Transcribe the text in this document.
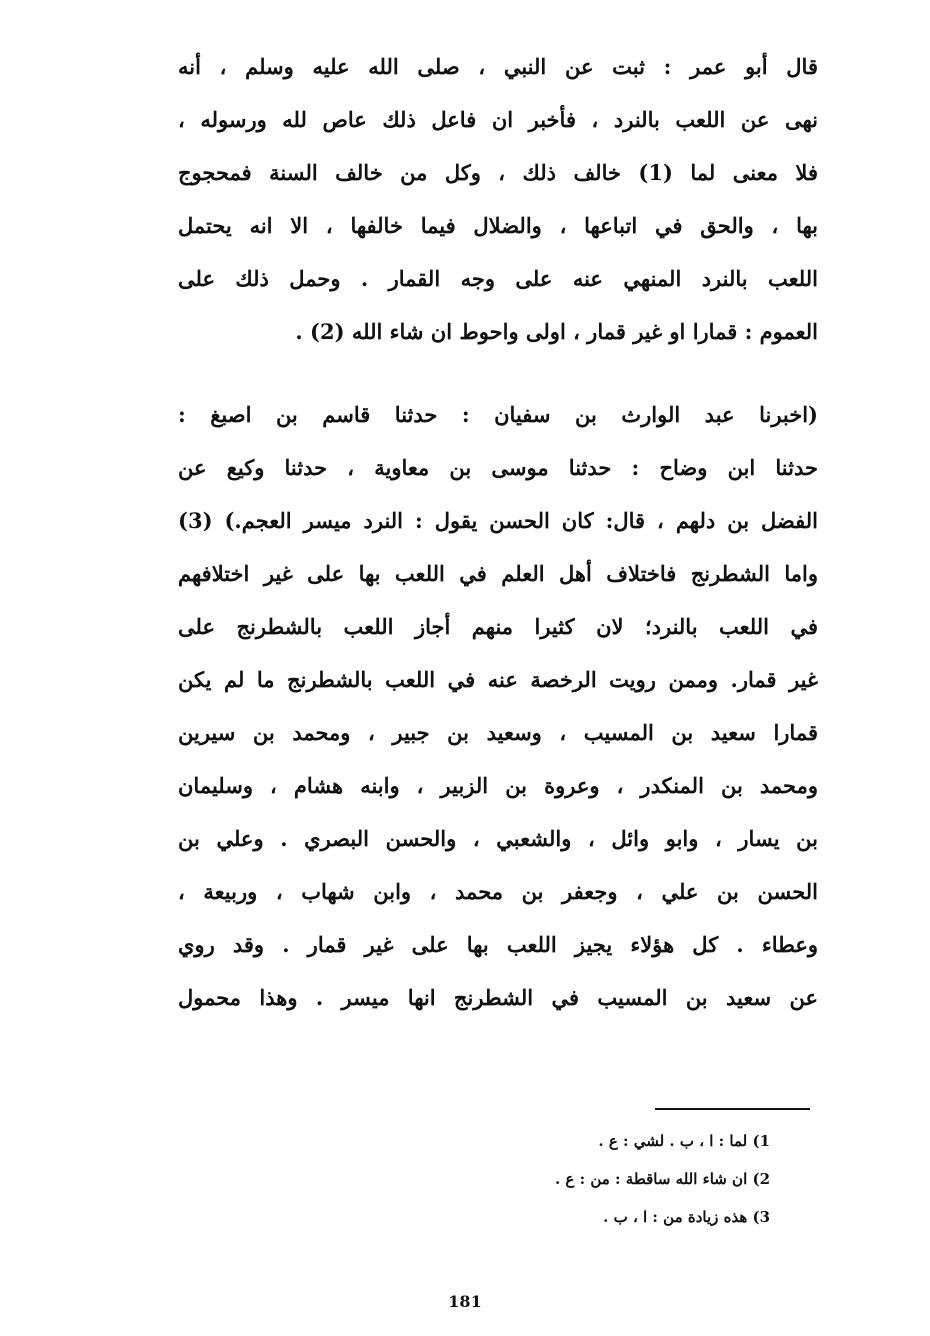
قال أبو عمر : ثبت عن النبي ، صلى الله عليه وسلم ، أنه
نهى عن اللعب بالنرد ، فأخبر ان فاعل ذلك عاص لله ورسوله ،
فلا معنى لما (1) خالف ذلك ، وكل من خالف السنة فمحجوج
بها ، والحق في اتباعها ، والضلال فيما خالفها ، الا انه يحتمل
اللعب بالنرد المنهي عنه على وجه القمار . وحمل ذلك على
العموم : قمارا او غير قمار ، اولى واحوط ان شاء الله (2) .
(اخبرنا عبد الوارث بن سفيان : حدثنا قاسم بن اصبغ :
حدثنا ابن وضاح : حدثنا موسى بن معاوية ، حدثنا وكيع عن
الفضل بن دلهم ، قال: كان الحسن يقول : النرد ميسر العجم.) (3)
واما الشطرنج فاختلاف أهل العلم في اللعب بها على غير اختلافهم
في اللعب بالنرد؛ لان كثيرا منهم أجاز اللعب بالشطرنج على
غير قمار. وممن رويت الرخصة عنه في اللعب بالشطرنج ما لم يكن
قمارا سعيد بن المسيب ، وسعيد بن جبير ، ومحمد بن سيرين
ومحمد بن المنكدر ، وعروة بن الزبير ، وابنه هشام ، وسليمان
بن يسار ، وابو وائل ، والشعبي ، والحسن البصري . وعلي بن
الحسن بن علي ، وجعفر بن محمد ، وابن شهاب ، وربيعة ،
وعطاء . كل هؤلاء يجيز اللعب بها على غير قمار . وقد روي
عن سعيد بن المسيب في الشطرنج انها ميسر . وهذا محمول
1) لما : ا ، ب . لشي : ع .
2) ان شاء الله ساقطة : من : ع .
3) هذه زيادة من : ا ، ب .
181
